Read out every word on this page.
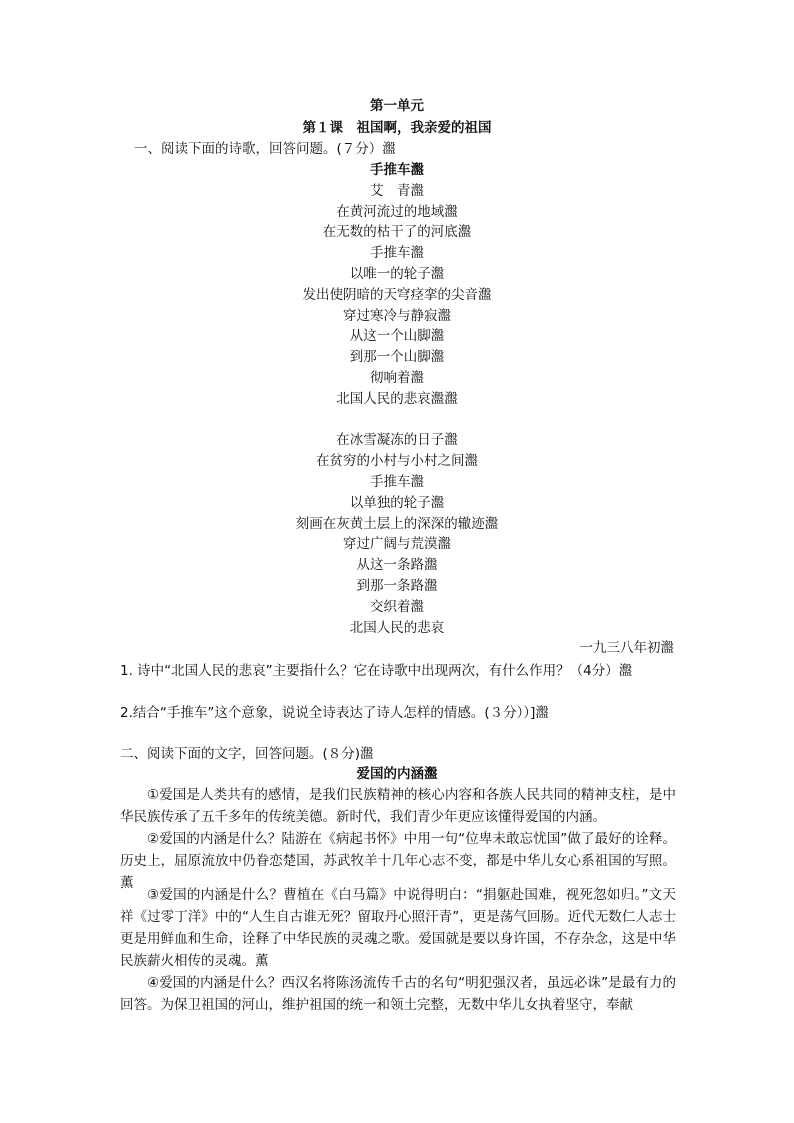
第一单元
第１课　祖国啊，我亲爱的祖国
一、阅读下面的诗歌，回答问题。(７分）瀊
手推车瀊
艾　青瀊
在黄河流过的地域瀊
在无数的枯干了的河底瀊
手推车瀊
以唯一的轮子瀊
发出使阴暗的天穹痉挛的尖音瀊
穿过寒冷与静寂瀊
从这一个山脚瀊
到那一个山脚瀊
彻响着瀊
北国人民的悲哀瀊瀊
在冰雪凝冻的日子瀊
在贫穷的小村与小村之间瀊
手推车瀊
以单独的轮子瀊
刻画在灰黄土层上的深深的辙迹瀊
穿过广阔与荒漠瀊
从这一条路瀊
到那一条路瀊
交织着瀊
北国人民的悲哀
一九三八年初瀊
1. 诗中“北国人民的悲哀”主要指什么？它在诗歌中出现两次，有什么作用？（4分）瀊
2.结合“手推车”这个意象，说说全诗表达了诗人怎样的情感。(３分））]瀊
二、阅读下面的文字，回答问题。(８分)瀊
爱国的内涵瀊
①爱国是人类共有的感情，是我们民族精神的核心内容和各族人民共同的精神支柱，是中华民族传承了五千多年的传统美德。新时代，我们青少年更应该懂得爱国的内涵。
②爱国的内涵是什么？陆游在《病起书怀》中用一句“位卑未敢忘忧国”做了最好的诠释。历史上，屈原流放中仍眷恋楚国，苏武牧羊十几年心志不变，都是中华儿女心系祖国的写照。薫
③爱国的内涵是什么？曹植在《白马篇》中说得明白：“捐躯赴国难，视死忽如归。”文天祥《过零丁洋》中的“人生自古谁无死？留取丹心照汗青”，更是荡气回肠。近代无数仁人志士更是用鲜血和生命，诠释了中华民族的灵魂之歌。爱国就是要以身许国，不存杂念，这是中华民族薪火相传的灵魂。薫
④爱国的内涵是什么？西汉名将陈汤流传千古的名句“明犯强汉者，虽远必诛”是最有力的回答。为保卫祖国的河山，维护祖国的统一和领土完整，无数中华儿女执着坚守，奉献
